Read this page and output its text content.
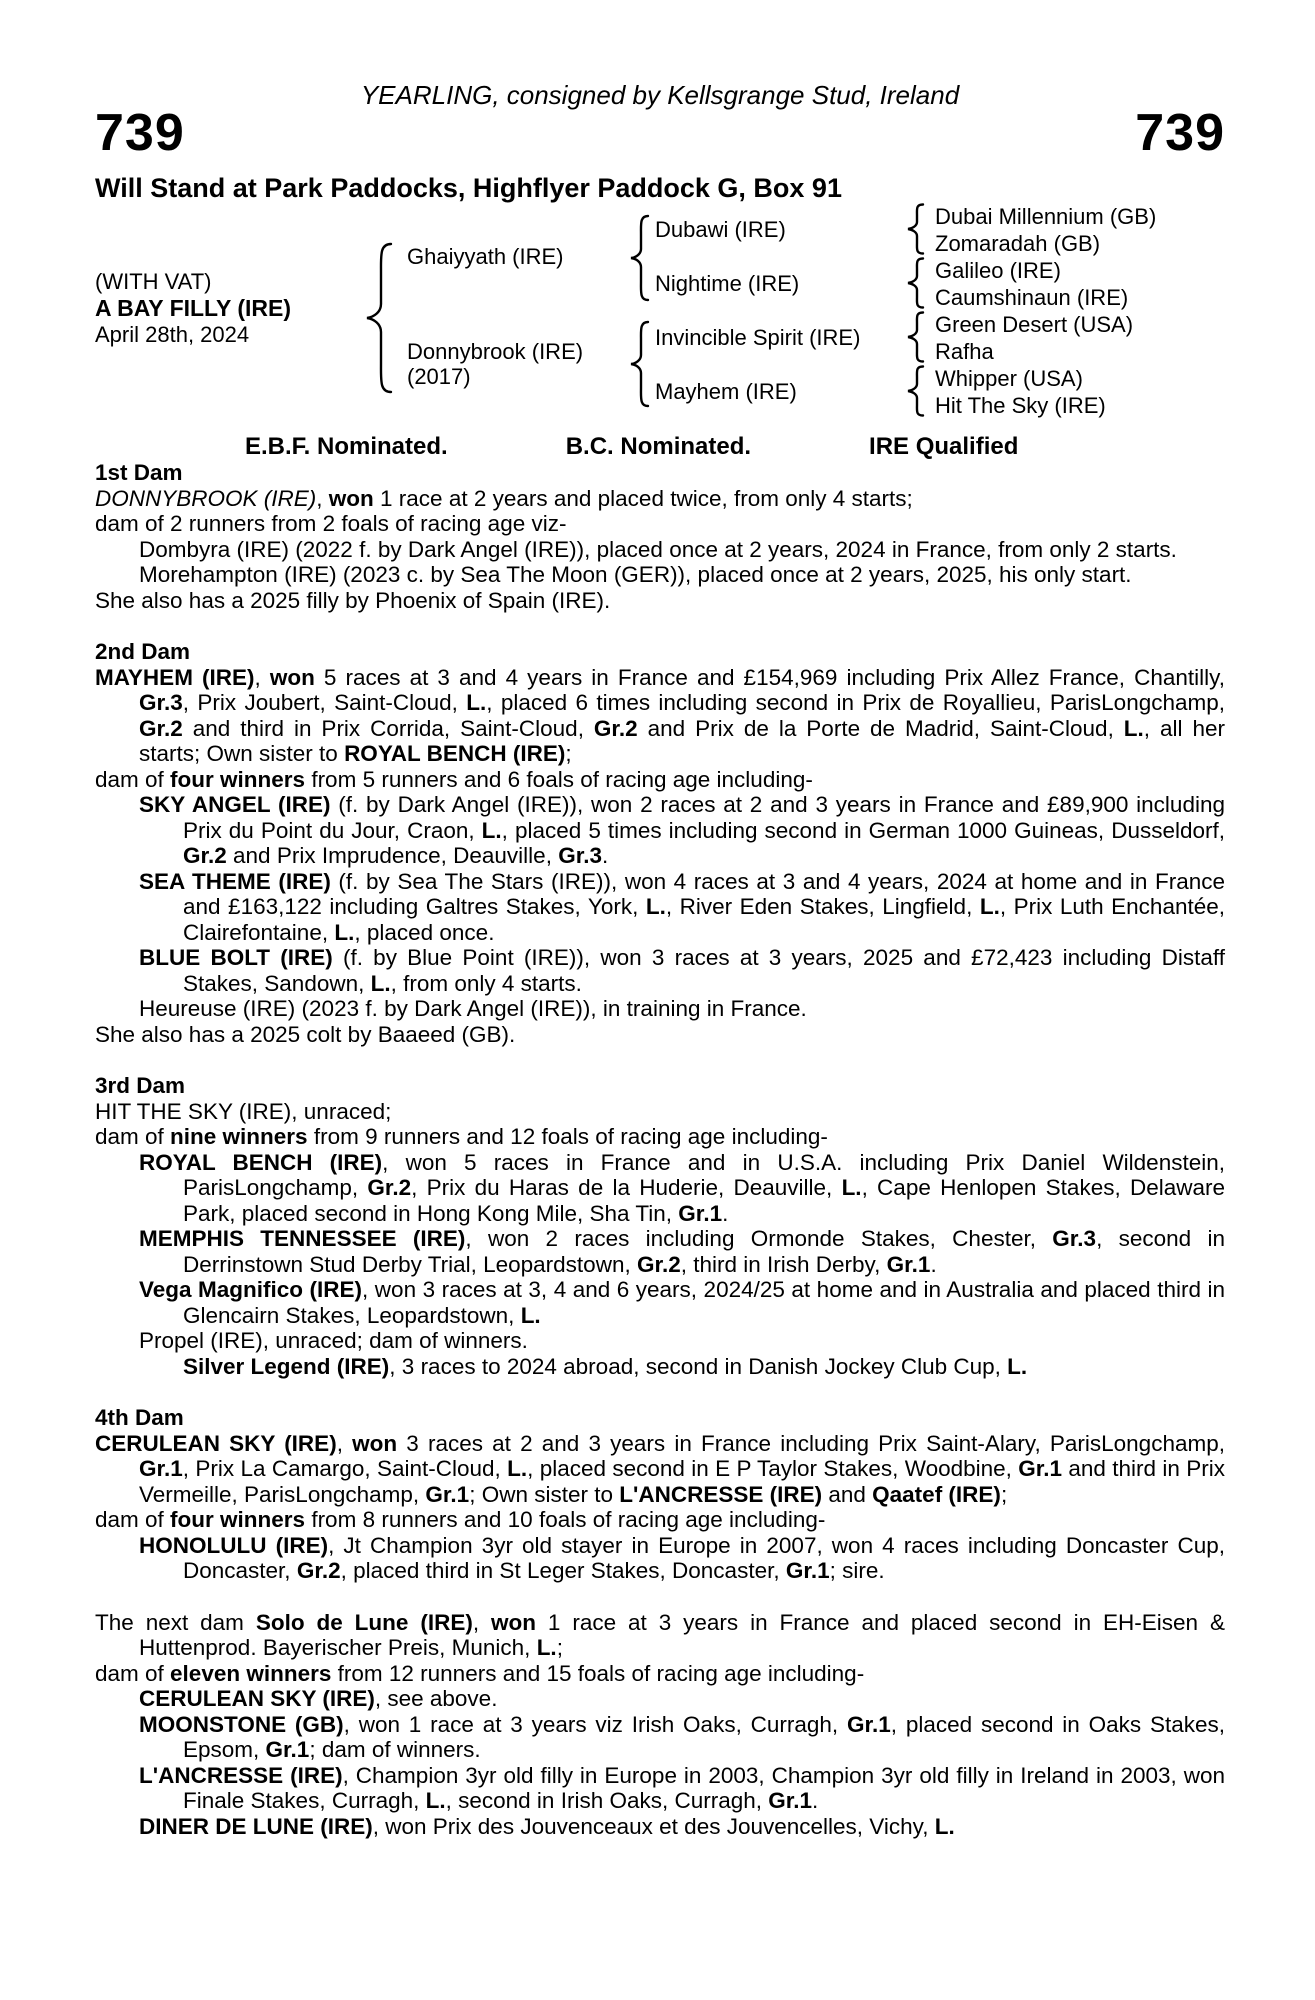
YEARLING, consigned by Kellsgrange Stud, Ireland
739	739
Will Stand at Park Paddocks, Highflyer Paddock G, Box 91
(WITH VAT)
A BAY FILLY (IRE)
April 28th, 2024
Ghaiyyath (IRE)
Donnybrook (IRE)
(2017)
Dubawi (IRE)
Nightime (IRE)
Invincible Spirit (IRE)
Mayhem (IRE)
Dubai Millennium (GB)
Zomaradah (GB)
Galileo (IRE)
Caumshinaun (IRE)
Green Desert (USA)
Rafha
Whipper (USA)
Hit The Sky (IRE)
E.B.F. Nominated.	B.C. Nominated.	IRE Qualified
1st Dam
DONNYBROOK (IRE), won 1 race at 2 years and placed twice, from only 4 starts;
dam of 2 runners from 2 foals of racing age viz-
Dombyra (IRE) (2022 f. by Dark Angel (IRE)), placed once at 2 years, 2024 in France, from only 2 starts.
Morehampton (IRE) (2023 c. by Sea The Moon (GER)), placed once at 2 years, 2025, his only start.
She also has a 2025 filly by Phoenix of Spain (IRE).
2nd Dam
MAYHEM (IRE), won 5 races at 3 and 4 years in France and £154,969 including Prix Allez France, Chantilly, Gr.3, Prix Joubert, Saint-Cloud, L., placed 6 times including second in Prix de Royallieu, ParisLongchamp, Gr.2 and third in Prix Corrida, Saint-Cloud, Gr.2 and Prix de la Porte de Madrid, Saint-Cloud, L., all her starts; Own sister to ROYAL BENCH (IRE);
dam of four winners from 5 runners and 6 foals of racing age including-
SKY ANGEL (IRE) (f. by Dark Angel (IRE)), won 2 races at 2 and 3 years in France and £89,900 including Prix du Point du Jour, Craon, L., placed 5 times including second in German 1000 Guineas, Dusseldorf, Gr.2 and Prix Imprudence, Deauville, Gr.3.
SEA THEME (IRE) (f. by Sea The Stars (IRE)), won 4 races at 3 and 4 years, 2024 at home and in France and £163,122 including Galtres Stakes, York, L., River Eden Stakes, Lingfield, L., Prix Luth Enchantée, Clairefontaine, L., placed once.
BLUE BOLT (IRE) (f. by Blue Point (IRE)), won 3 races at 3 years, 2025 and £72,423 including Distaff Stakes, Sandown, L., from only 4 starts.
Heureuse (IRE) (2023 f. by Dark Angel (IRE)), in training in France.
She also has a 2025 colt by Baaeed (GB).
3rd Dam
HIT THE SKY (IRE), unraced;
dam of nine winners from 9 runners and 12 foals of racing age including-
ROYAL BENCH (IRE), won 5 races in France and in U.S.A. including Prix Daniel Wildenstein, ParisLongchamp, Gr.2, Prix du Haras de la Huderie, Deauville, L., Cape Henlopen Stakes, Delaware Park, placed second in Hong Kong Mile, Sha Tin, Gr.1.
MEMPHIS TENNESSEE (IRE), won 2 races including Ormonde Stakes, Chester, Gr.3, second in Derrinstown Stud Derby Trial, Leopardstown, Gr.2, third in Irish Derby, Gr.1.
Vega Magnifico (IRE), won 3 races at 3, 4 and 6 years, 2024/25 at home and in Australia and placed third in Glencairn Stakes, Leopardstown, L.
Propel (IRE), unraced; dam of winners.
Silver Legend (IRE), 3 races to 2024 abroad, second in Danish Jockey Club Cup, L.
4th Dam
CERULEAN SKY (IRE), won 3 races at 2 and 3 years in France including Prix Saint-Alary, ParisLongchamp, Gr.1, Prix La Camargo, Saint-Cloud, L., placed second in E P Taylor Stakes, Woodbine, Gr.1 and third in Prix Vermeille, ParisLongchamp, Gr.1; Own sister to L'ANCRESSE (IRE) and Qaatef (IRE);
dam of four winners from 8 runners and 10 foals of racing age including-
HONOLULU (IRE), Jt Champion 3yr old stayer in Europe in 2007, won 4 races including Doncaster Cup, Doncaster, Gr.2, placed third in St Leger Stakes, Doncaster, Gr.1; sire.
The next dam Solo de Lune (IRE), won 1 race at 3 years in France and placed second in EH-Eisen & Huttenprod. Bayerischer Preis, Munich, L.;
dam of eleven winners from 12 runners and 15 foals of racing age including-
CERULEAN SKY (IRE), see above.
MOONSTONE (GB), won 1 race at 3 years viz Irish Oaks, Curragh, Gr.1, placed second in Oaks Stakes, Epsom, Gr.1; dam of winners.
L'ANCRESSE (IRE), Champion 3yr old filly in Europe in 2003, Champion 3yr old filly in Ireland in 2003, won Finale Stakes, Curragh, L., second in Irish Oaks, Curragh, Gr.1.
DINER DE LUNE (IRE), won Prix des Jouvenceaux et des Jouvencelles, Vichy, L.
